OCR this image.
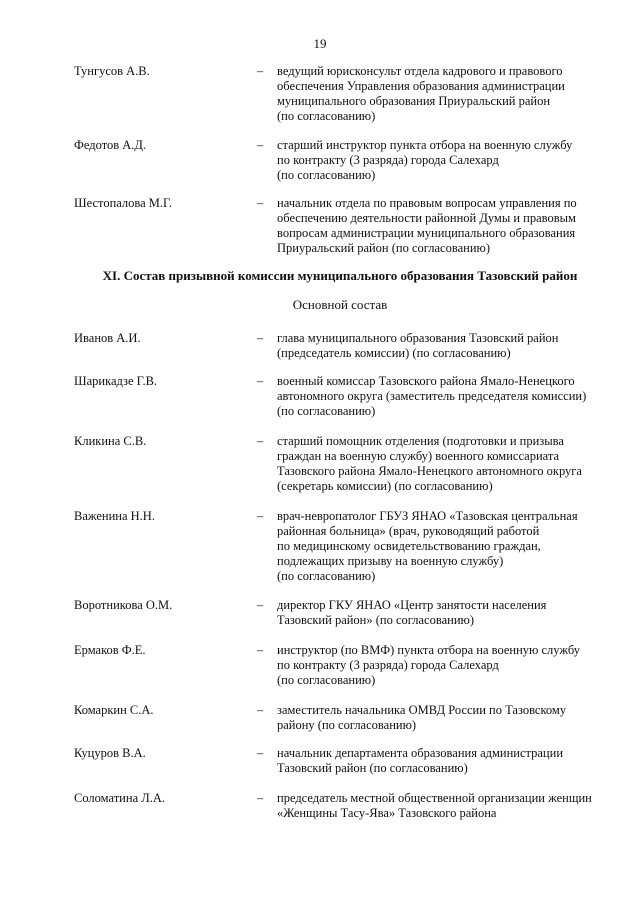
19
Тунгусов А.В.	–	ведущий юрисконсульт отдела кадрового и правового
обеспечения Управления образования администрации
муниципального образования Приуральский район
(по согласованию)
Федотов А.Д.	–	старший инструктор пункта отбора на военную службу
по контракту (3 разряда) города Салехард
(по согласованию)
Шестопалова М.Г.	–	начальник отдела по правовым вопросам управления по
обеспечению деятельности районной Думы и правовым
вопросам администрации муниципального образования
Приуральский район (по согласованию)
XI. Состав призывной комиссии муниципального образования Тазовский район
Основной состав
Иванов А.И.	–	глава муниципального образования Тазовский район
(председатель комиссии) (по согласованию)
Шарикадзе Г.В.	–	военный комиссар Тазовского района Ямало-Ненецкого
автономного округа (заместитель председателя комиссии)
(по согласованию)
Кликина С.В.	–	старший помощник отделения (подготовки и призыва
граждан на военную службу) военного комиссариата
Тазовского района Ямало-Ненецкого автономного округа
(секретарь комиссии) (по согласованию)
Важенина Н.Н.	–	врач-невропатолог ГБУЗ ЯНАО «Тазовская центральная
районная больница» (врач, руководящий работой
по медицинскому освидетельствованию граждан,
подлежащих призыву на военную службу)
(по согласованию)
Воротникова О.М.	–	директор ГКУ ЯНАО «Центр занятости населения
Тазовский район» (по согласованию)
Ермаков Ф.Е.	–	инструктор (по ВМФ) пункта отбора на военную службу
по контракту (3 разряда) города Салехард
(по согласованию)
Комаркин С.А.	–	заместитель начальника ОМВД России по Тазовскому
району (по согласованию)
Куцуров В.А.	–	начальник департамента образования администрации
Тазовский район (по согласованию)
Соломатина Л.А.	–	председатель местной общественной организации женщин
«Женщины Тасу-Ява» Тазовского района
